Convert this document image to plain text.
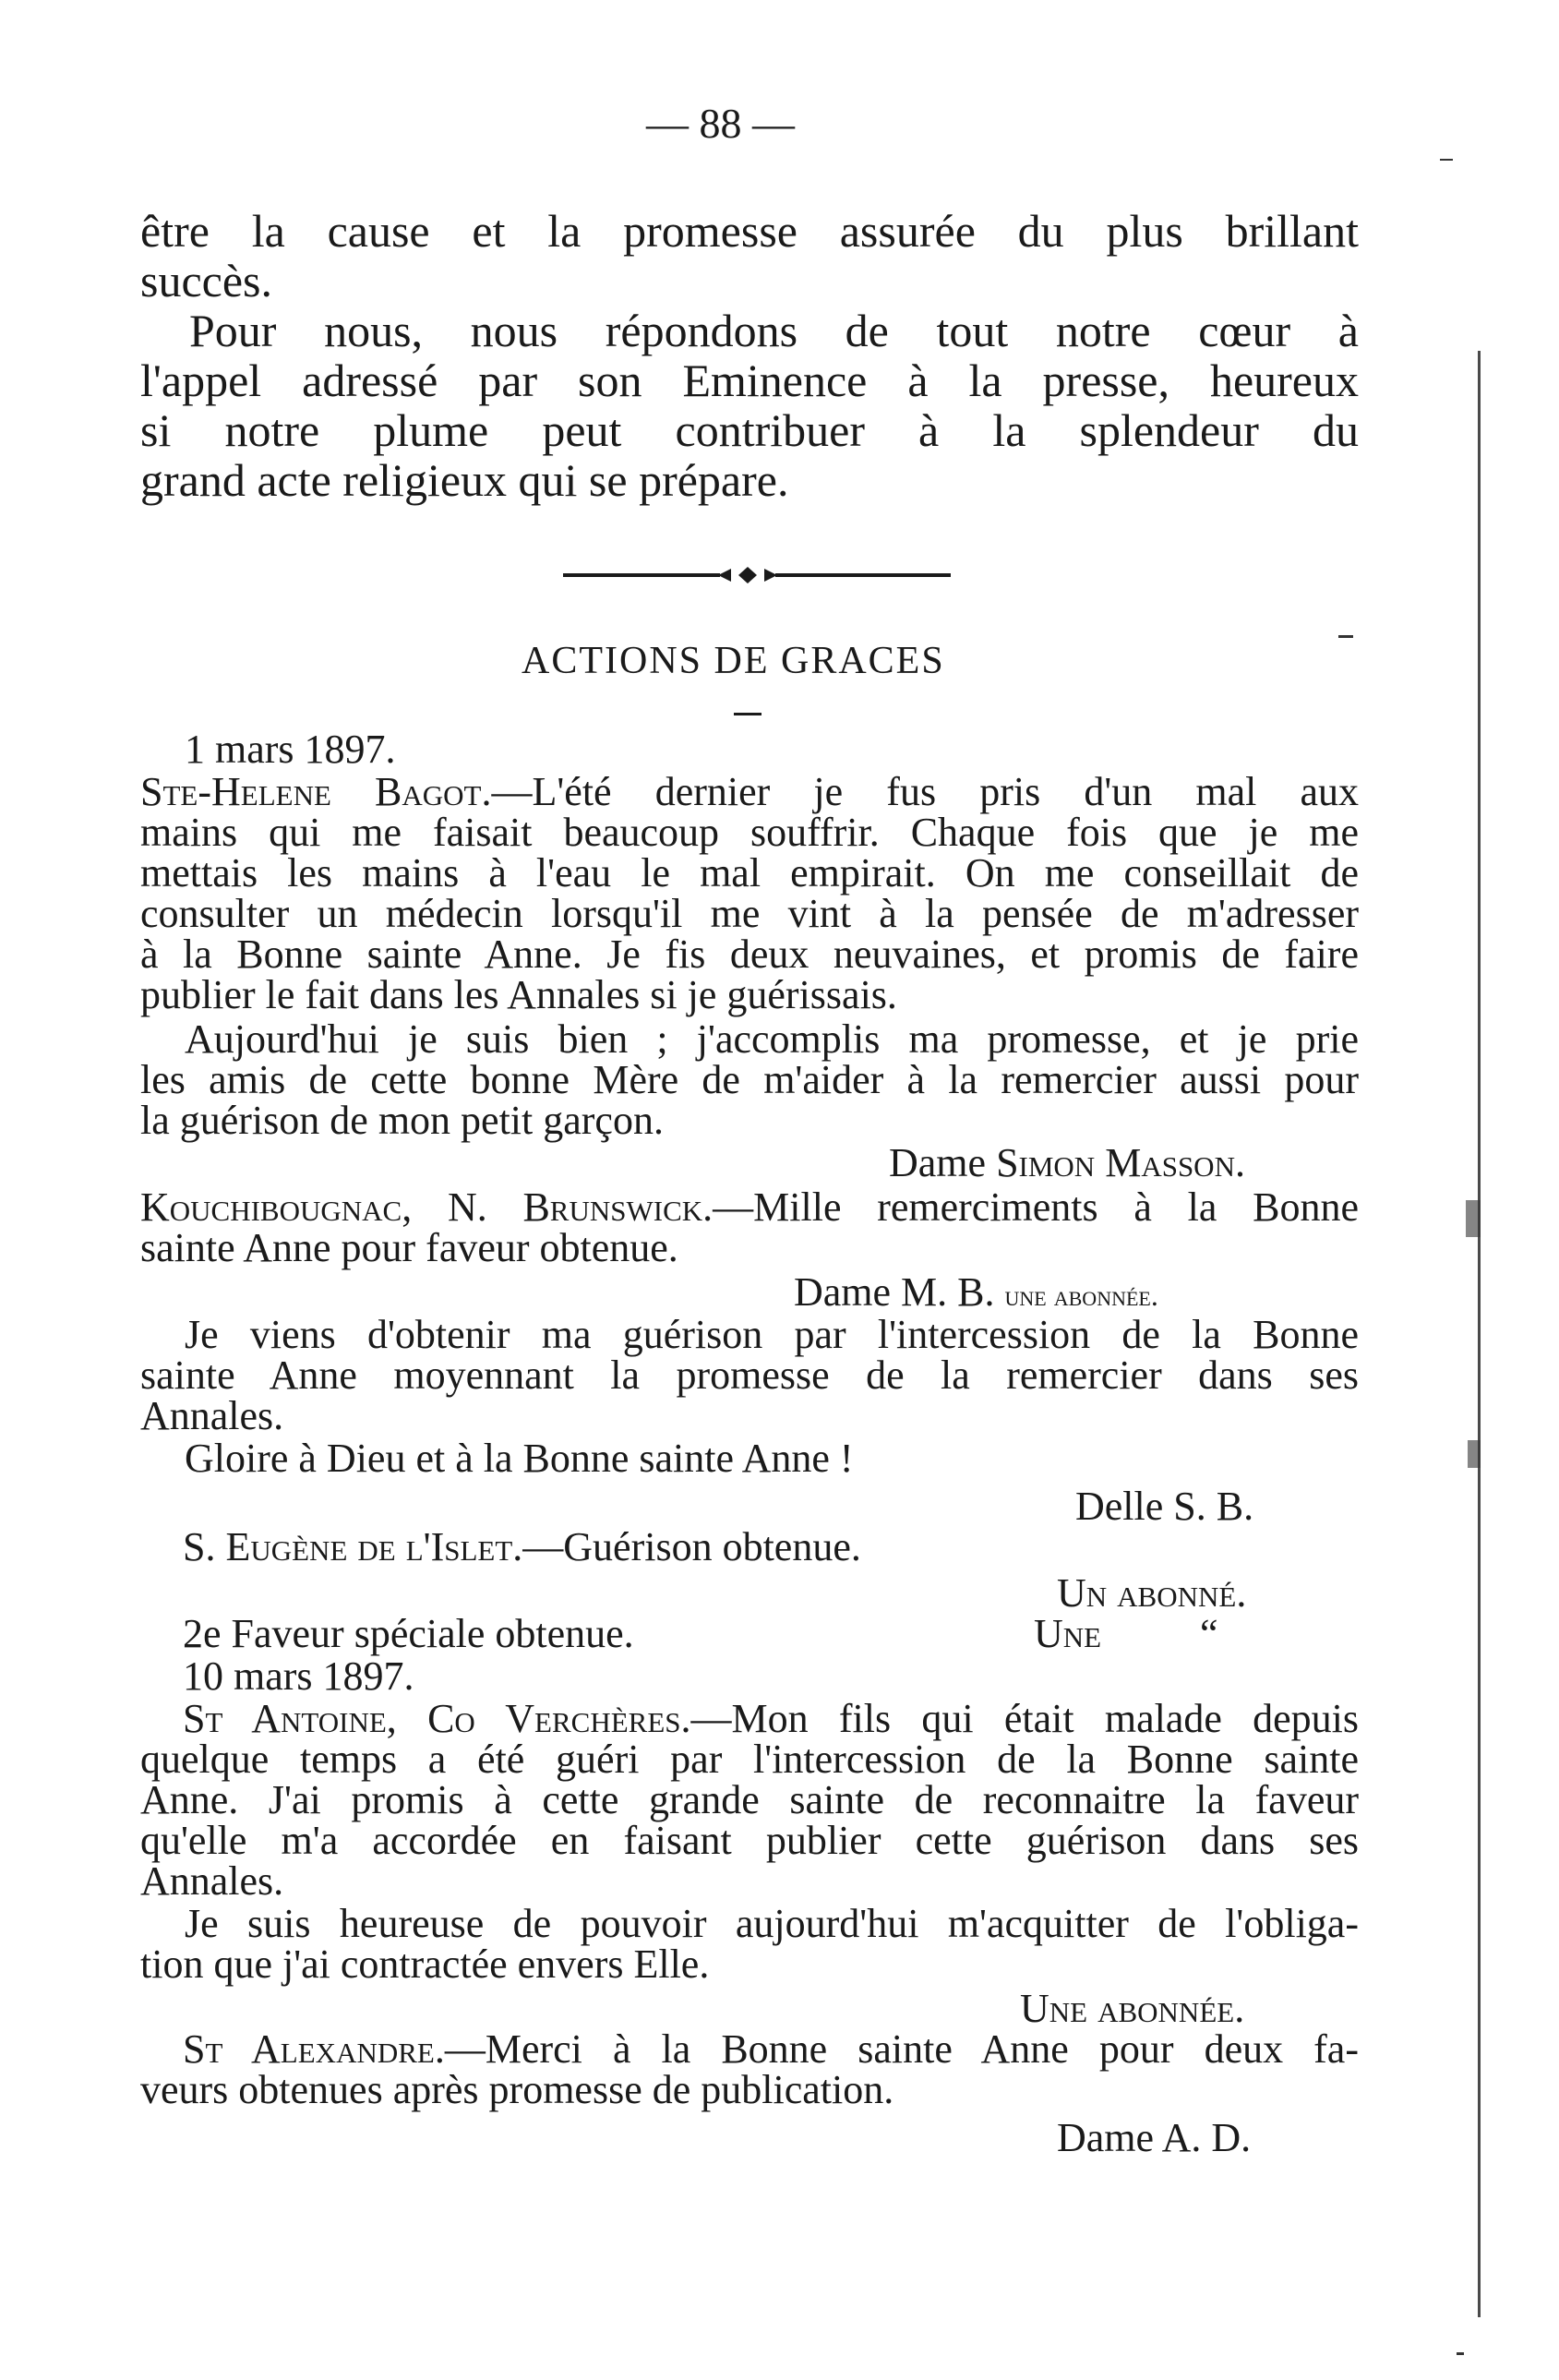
— 88 —
être la cause et la promesse assurée du plus brillant
succès.
Pour nous, nous répondons de tout notre cœur à
l'appel adressé par son Eminence à la presse, heureux
si notre plume peut contribuer à la splendeur du
grand acte religieux qui se prépare.
ACTIONS DE GRACES
1 mars 1897.
Ste-Helene Bagot.—L'été dernier je fus pris d'un mal aux
mains qui me faisait beaucoup souffrir. Chaque fois que je me
mettais les mains à l'eau le mal empirait. On me conseillait de
consulter un médecin lorsqu'il me vint à la pensée de m'adresser
à la Bonne sainte Anne. Je fis deux neuvaines, et promis de faire
publier le fait dans les Annales si je guérissais.
Aujourd'hui je suis bien ; j'accomplis ma promesse, et je prie
les amis de cette bonne Mère de m'aider à la remercier aussi pour
la guérison de mon petit garçon.
Dame Simon Masson.
Kouchibougnac, N. Brunswick.—Mille remerciments à la Bonne
sainte Anne pour faveur obtenue.
Dame M. B. une abonnée.
Je viens d'obtenir ma guérison par l'intercession de la Bonne
sainte Anne moyennant la promesse de la remercier dans ses
Annales.
Gloire à Dieu et à la Bonne sainte Anne !
Delle S. B.
S. Eugène de l'Islet.—Guérison obtenue.
Un abonné.
2e Faveur spéciale obtenue.	Une “
10 mars 1897.
St Antoine, Co Verchères.—Mon fils qui était malade depuis
quelque temps a été guéri par l'intercession de la Bonne sainte
Anne. J'ai promis à cette grande sainte de reconnaitre la faveur
qu'elle m'a accordée en faisant publier cette guérison dans ses
Annales.
Je suis heureuse de pouvoir aujourd'hui m'acquitter de l'obliga-
tion que j'ai contractée envers Elle.
Une abonnée.
St Alexandre.—Merci à la Bonne sainte Anne pour deux fa-
veurs obtenues après promesse de publication.
Dame A. D.
